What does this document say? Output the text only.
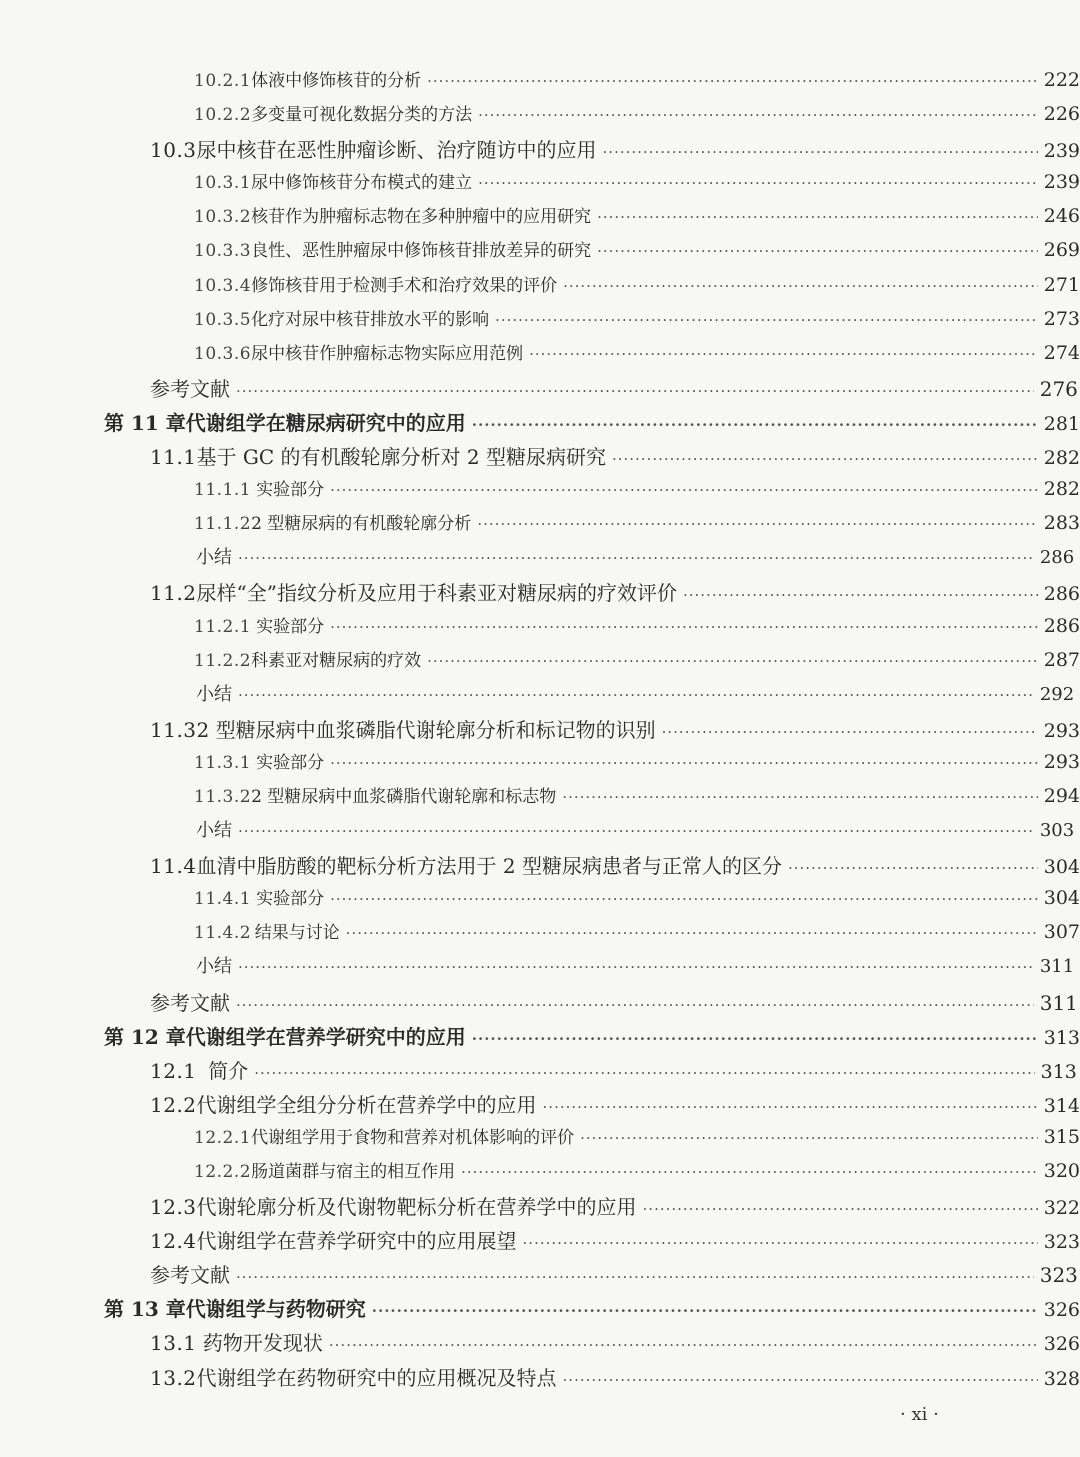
10.2.1 体液中修饰核苷的分析 ·····	222
10.2.2 多变量可视化数据分类的方法 ·····	226
10.3 尿中核苷在恶性肿瘤诊断、治疗随访中的应用 ·····	239
10.3.1 尿中修饰核苷分布模式的建立 ·····	239
10.3.2 核苷作为肿瘤标志物在多种肿瘤中的应用研究 ·····	246
10.3.3 良性、恶性肿瘤尿中修饰核苷排放差异的研究 ·····	269
10.3.4 修饰核苷用于检测手术和治疗效果的评价 ·····	271
10.3.5 化疗对尿中核苷排放水平的影响 ·····	273
10.3.6 尿中核苷作肿瘤标志物实际应用范例 ·····	274
参考文献 ·····	276
第 11 章 代谢组学在糖尿病研究中的应用 ·····	281
11.1 基于 GC 的有机酸轮廓分析对 2 型糖尿病研究 ·····	282
11.1.1 实验部分 ·····	282
11.1.2 2 型糖尿病的有机酸轮廓分析 ·····	283
小结 ·····	286
11.2 尿样“全”指纹分析及应用于科素亚对糖尿病的疗效评价 ·····	286
11.2.1 实验部分 ·····	286
11.2.2 科素亚对糖尿病的疗效 ·····	287
小结 ·····	292
11.3 2 型糖尿病中血浆磷脂代谢轮廓分析和标记物的识别 ·····	293
11.3.1 实验部分 ·····	293
11.3.2 2 型糖尿病中血浆磷脂代谢轮廓和标志物 ·····	294
小结 ·····	303
11.4 血清中脂肪酸的靶标分析方法用于 2 型糖尿病患者与正常人的区分 ·····	304
11.4.1 实验部分 ·····	304
11.4.2 结果与讨论 ·····	307
小结 ·····	311
参考文献 ·····	311
第 12 章 代谢组学在营养学研究中的应用 ·····	313
12.1 简介 ·····	313
12.2 代谢组学全组分分析在营养学中的应用 ·····	314
12.2.1 代谢组学用于食物和营养对机体影响的评价 ·····	315
12.2.2 肠道菌群与宿主的相互作用 ·····	320
12.3 代谢轮廓分析及代谢物靶标分析在营养学中的应用 ·····	322
12.4 代谢组学在营养学研究中的应用展望 ·····	323
参考文献 ·····	323
第 13 章 代谢组学与药物研究 ·····	326
13.1 药物开发现状 ·····	326
13.2 代谢组学在药物研究中的应用概况及特点 ·····	328
· xi ·
